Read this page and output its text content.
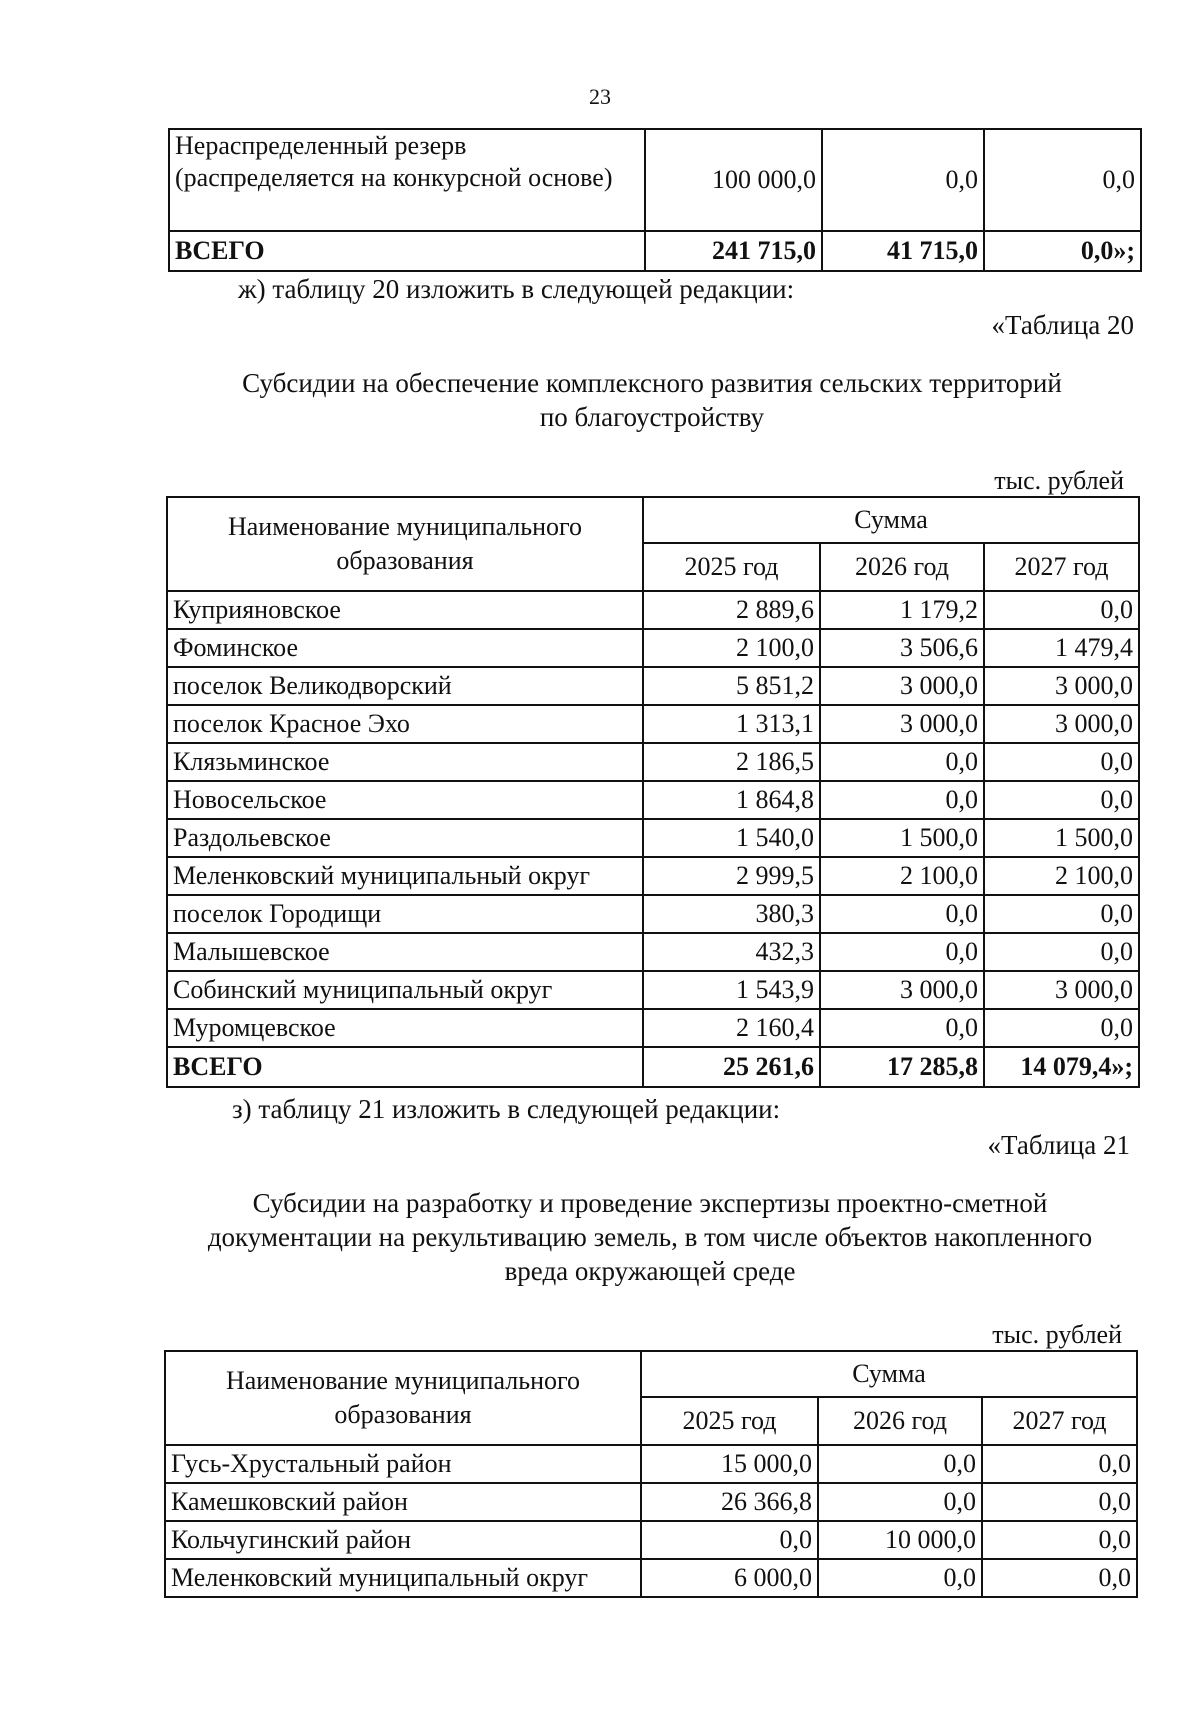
23
Нераспределенный резерв (распределяется на конкурсной основе)	100 000,0	0,0	0,0
ВСЕГО	241 715,0	41 715,0	0,0»;
ж) таблицу 20 изложить в следующей редакции:
«Таблица 20
Субсидии на обеспечение комплексного развития сельских территорий
по благоустройству
тыс. рублей
Наименование муниципального образования	Сумма		
	2025 год	2026 год	2027 год
Куприяновское	2 889,6	1 179,2	0,0
Фоминское	2 100,0	3 506,6	1 479,4
поселок Великодворский	5 851,2	3 000,0	3 000,0
поселок Красное Эхо	1 313,1	3 000,0	3 000,0
Клязьминское	2 186,5	0,0	0,0
Новосельское	1 864,8	0,0	0,0
Раздольевское	1 540,0	1 500,0	1 500,0
Меленковский муниципальный округ	2 999,5	2 100,0	2 100,0
поселок Городищи	380,3	0,0	0,0
Малышевское	432,3	0,0	0,0
Собинский муниципальный округ	1 543,9	3 000,0	3 000,0
Муромцевское	2 160,4	0,0	0,0
ВСЕГО	25 261,6	17 285,8	14 079,4»;
з) таблицу 21 изложить в следующей редакции:
«Таблица 21
Субсидии на разработку и проведение экспертизы проектно-сметной
документации на рекультивацию земель, в том числе объектов накопленного
вреда окружающей среде
тыс. рублей
Наименование муниципального образования	Сумма		
	2025 год	2026 год	2027 год
Гусь-Хрустальный район	15 000,0	0,0	0,0
Камешковский район	26 366,8	0,0	0,0
Кольчугинский район	0,0	10 000,0	0,0
Меленковский муниципальный округ	6 000,0	0,0	0,0
